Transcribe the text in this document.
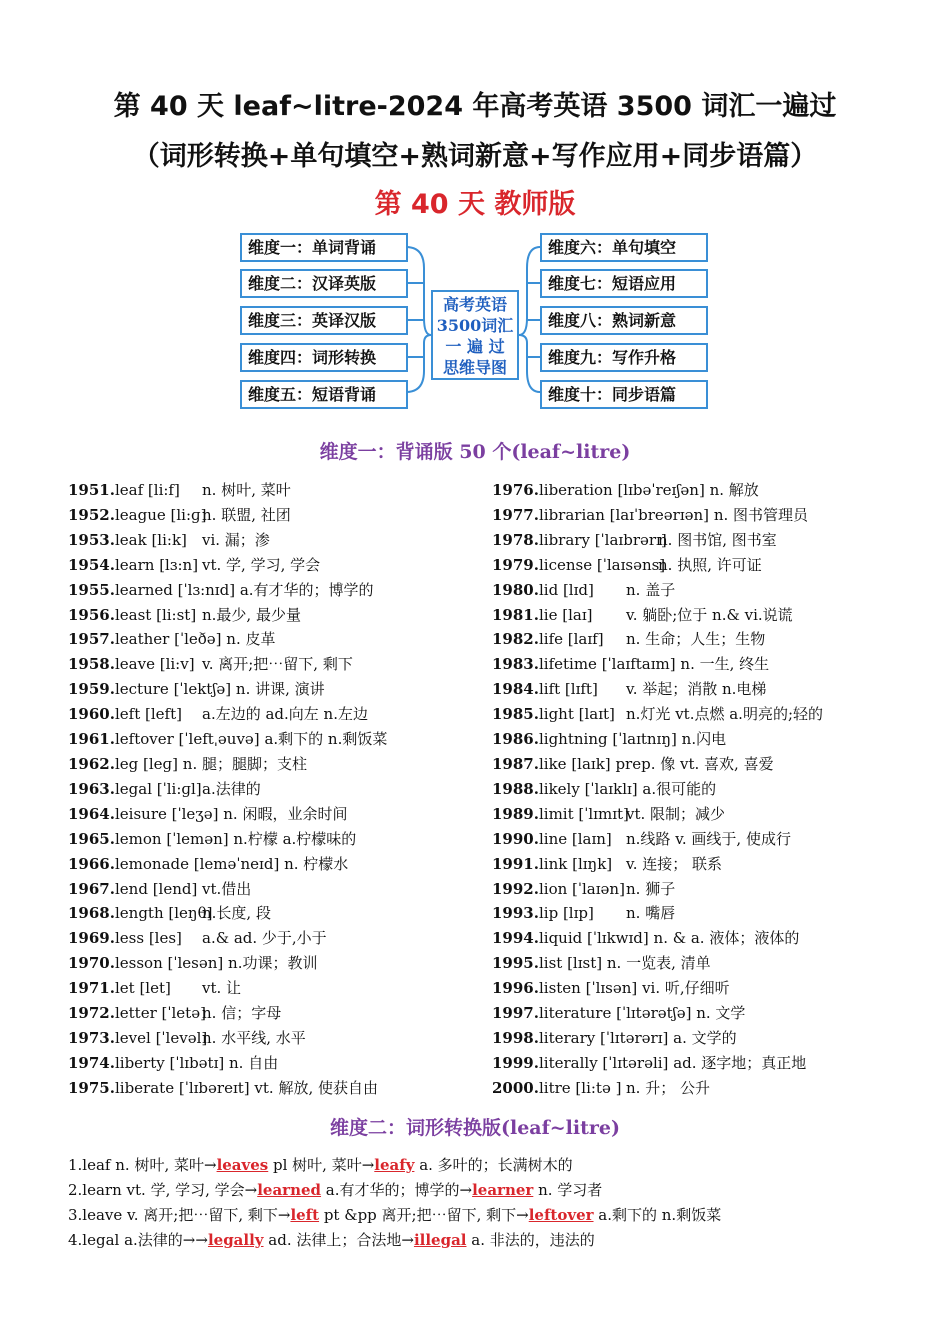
第 40 天 leaf~litre-2024 年高考英语 3500 词汇一遍过
（词形转换+单句填空+熟词新意+写作应用+同步语篇）
第 40 天 教师版
维度一：单词背诵
维度二：汉译英版
维度三：英译汉版
维度四：词形转换
维度五：短语背诵
高考英语
3500词汇
一 遍 过
思维导图
维度六：单句填空
维度七：短语应用
维度八：熟词新意
维度九：写作升格
维度十：同步语篇
维度一：背诵版 50 个(leaf~litre)
1951.leaf [li:f] n. 树叶, 菜叶
1952.league [li:ɡ]
n. 联盟, 社团
1953.leak [li:k] vi. 漏；渗
1954.learn [lɜ:n] vt. 学, 学习, 学会
1955.learned [ˈlɜ:nɪd] a.有才华的；博学的
1956.least [li:st] n.最少, 最少量
1957.leather [ˈleðə] n. 皮革
1958.leave [li:v] v. 离开;把⋯留下, 剩下
1959.lecture [ˈlektʃə] n. 讲课, 演讲
1960.left [left] a.左边的 ad.向左 n.左边
1961.leftover [ˈleftˌəuvə] a.剩下的 n.剩饭菜
1962.leg [leɡ] n. 腿；腿脚；支柱
1963.legal [ˈli:ɡl] a.法律的
1964.leisure [ˈleʒə] n. 闲暇，业余时间
1965.lemon [ˈlemən] n.柠檬 a.柠檬味的
1966.lemonade [leməˈneɪd] n. 柠檬水
1967.lend [lend] vt.借出
1968.length [leŋθ]
n.长度, 段
1969.less [les] a.& ad. 少于,小于
1970.lesson [ˈlesən] n.功课；教训
1971.let [let] vt. 让
1972.letter [ˈletə]
n. 信；字母
1973.level [ˈlevəl]
n. 水平线, 水平
1974.liberty [ˈlɪbətɪ] n. 自由
1975.liberate [ˈlɪbəreɪt] vt. 解放, 使获自由
1976.liberation [lɪbəˈreɪʃən] n. 解放
1977.librarian [laɪˈbreərɪən] n. 图书管理员
1978.library [ˈlaɪbrərɪ]
n. 图书馆, 图书室
1979.license [ˈlaɪsəns]
n. 执照, 许可证
1980.lid [lɪd] n. 盖子
1981.lie [laɪ] v. 躺卧;位于 n.& vi.说谎
1982.life [laɪf] n. 生命；人生；生物
1983.lifetime [ˈlaɪftaɪm] n. 一生, 终生
1984.lift [lɪft] v. 举起；消散 n.电梯
1985.light [laɪt] n.灯光 vt.点燃 a.明亮的;轻的
1986.lightning [ˈlaɪtnɪŋ] n.闪电
1987.like [laɪk] prep. 像 vt. 喜欢, 喜爱
1988.likely [ˈlaɪklɪ] a.很可能的
1989.limit [ˈlɪmɪt]
vt. 限制；减少
1990.line [laɪn] n.线路 v. 画线于, 使成行
1991.link [lɪŋk] v. 连接； 联系
1992.lion [ˈlaɪən] n. 狮子
1993.lip [lɪp] n. 嘴唇
1994.liquid [ˈlɪkwɪd] n. & a. 液体；液体的
1995.list [lɪst] n. 一览表, 清单
1996.listen [ˈlɪsən] vi. 听,仔细听
1997.literature [ˈlɪtərətʃə] n. 文学
1998.literary [ˈlɪtərərɪ] a. 文学的
1999.literally [ˈlɪtərəli] ad. 逐字地；真正地
2000.litre [li:tə ] n. 升； 公升
维度二：词形转换版(leaf~litre)
1.leaf n. 树叶, 菜叶→leaves pl 树叶, 菜叶→leafy a. 多叶的；长满树木的
2.learn vt. 学, 学习, 学会→learned a.有才华的；博学的→learner n. 学习者
3.leave v. 离开;把⋯留下, 剩下→left pt &pp 离开;把⋯留下, 剩下→leftover a.剩下的 n.剩饭菜
4.legal a.法律的→→legally ad. 法律上；合法地→illegal a. 非法的，违法的
